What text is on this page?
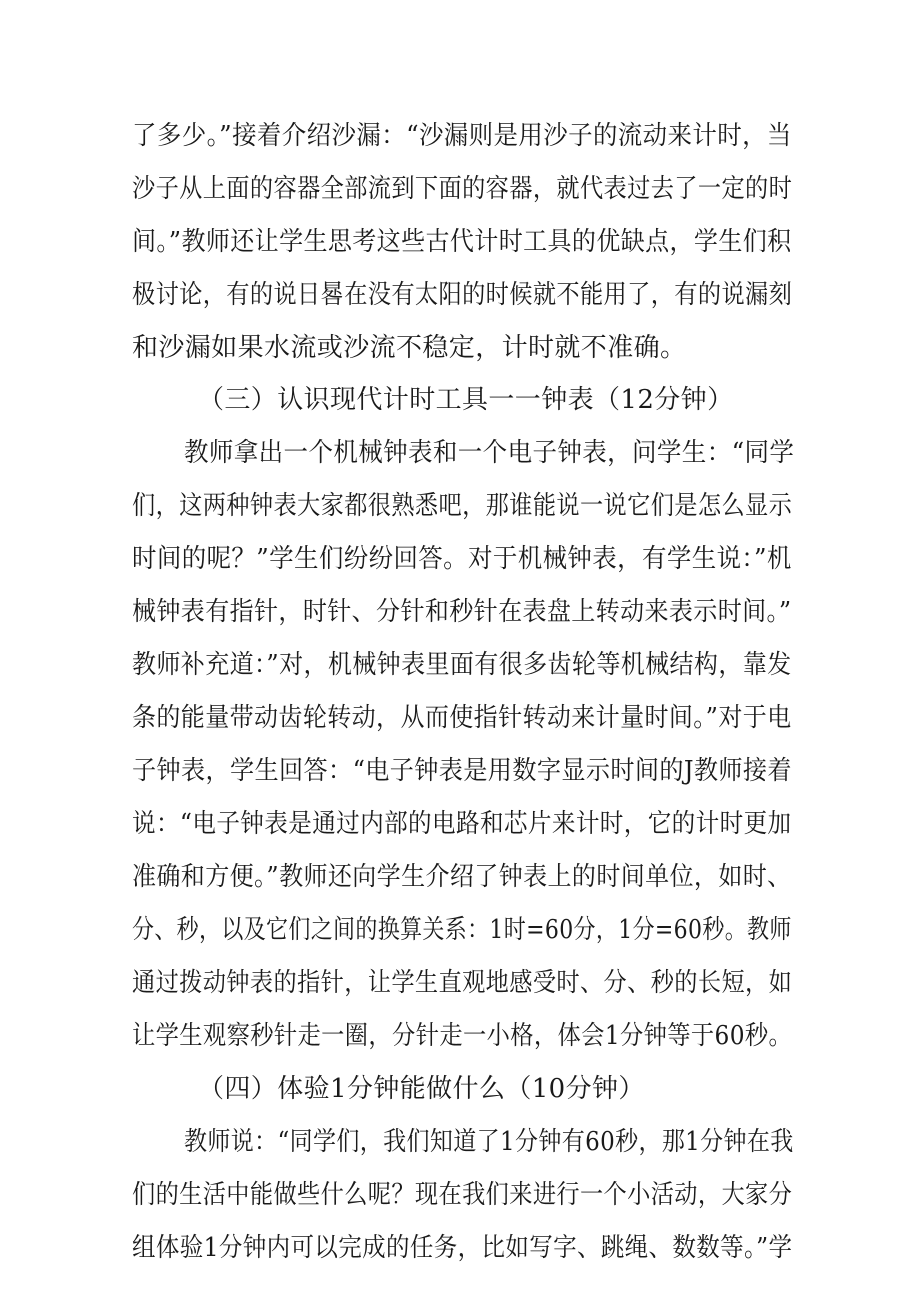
了多少。”接着介绍沙漏：“沙漏则是用沙子的流动来计时，当
沙子从上面的容器全部流到下面的容器，就代表过去了一定的时
间。”教师还让学生思考这些古代计时工具的优缺点，学生们积
极讨论，有的说日晷在没有太阳的时候就不能用了，有的说漏刻
和沙漏如果水流或沙流不稳定，计时就不准确。
（三）认识现代计时工具一一钟表（12分钟）
教师拿出一个机械钟表和一个电子钟表，问学生：“同学
们，这两种钟表大家都很熟悉吧，那谁能说一说它们是怎么显示
时间的呢？”学生们纷纷回答。对于机械钟表，有学生说：”机
械钟表有指针，时针、分针和秒针在表盘上转动来表示时间。”
教师补充道：”对，机械钟表里面有很多齿轮等机械结构，靠发
条的能量带动齿轮转动，从而使指针转动来计量时间。”对于电
子钟表，学生回答：“电子钟表是用数字显示时间的J教师接着
说：“电子钟表是通过内部的电路和芯片来计时，它的计时更加
准确和方便。”教师还向学生介绍了钟表上的时间单位，如时、
分、秒，以及它们之间的换算关系：1时=60分，1分=60秒。教师
通过拨动钟表的指针，让学生直观地感受时、分、秒的长短，如
让学生观察秒针走一圈，分针走一小格，体会1分钟等于60秒。
（四）体验1分钟能做什么（10分钟）
教师说：“同学们，我们知道了1分钟有60秒，那1分钟在我
们的生活中能做些什么呢？现在我们来进行一个小活动，大家分
组体验1分钟内可以完成的任务，比如写字、跳绳、数数等。”学
